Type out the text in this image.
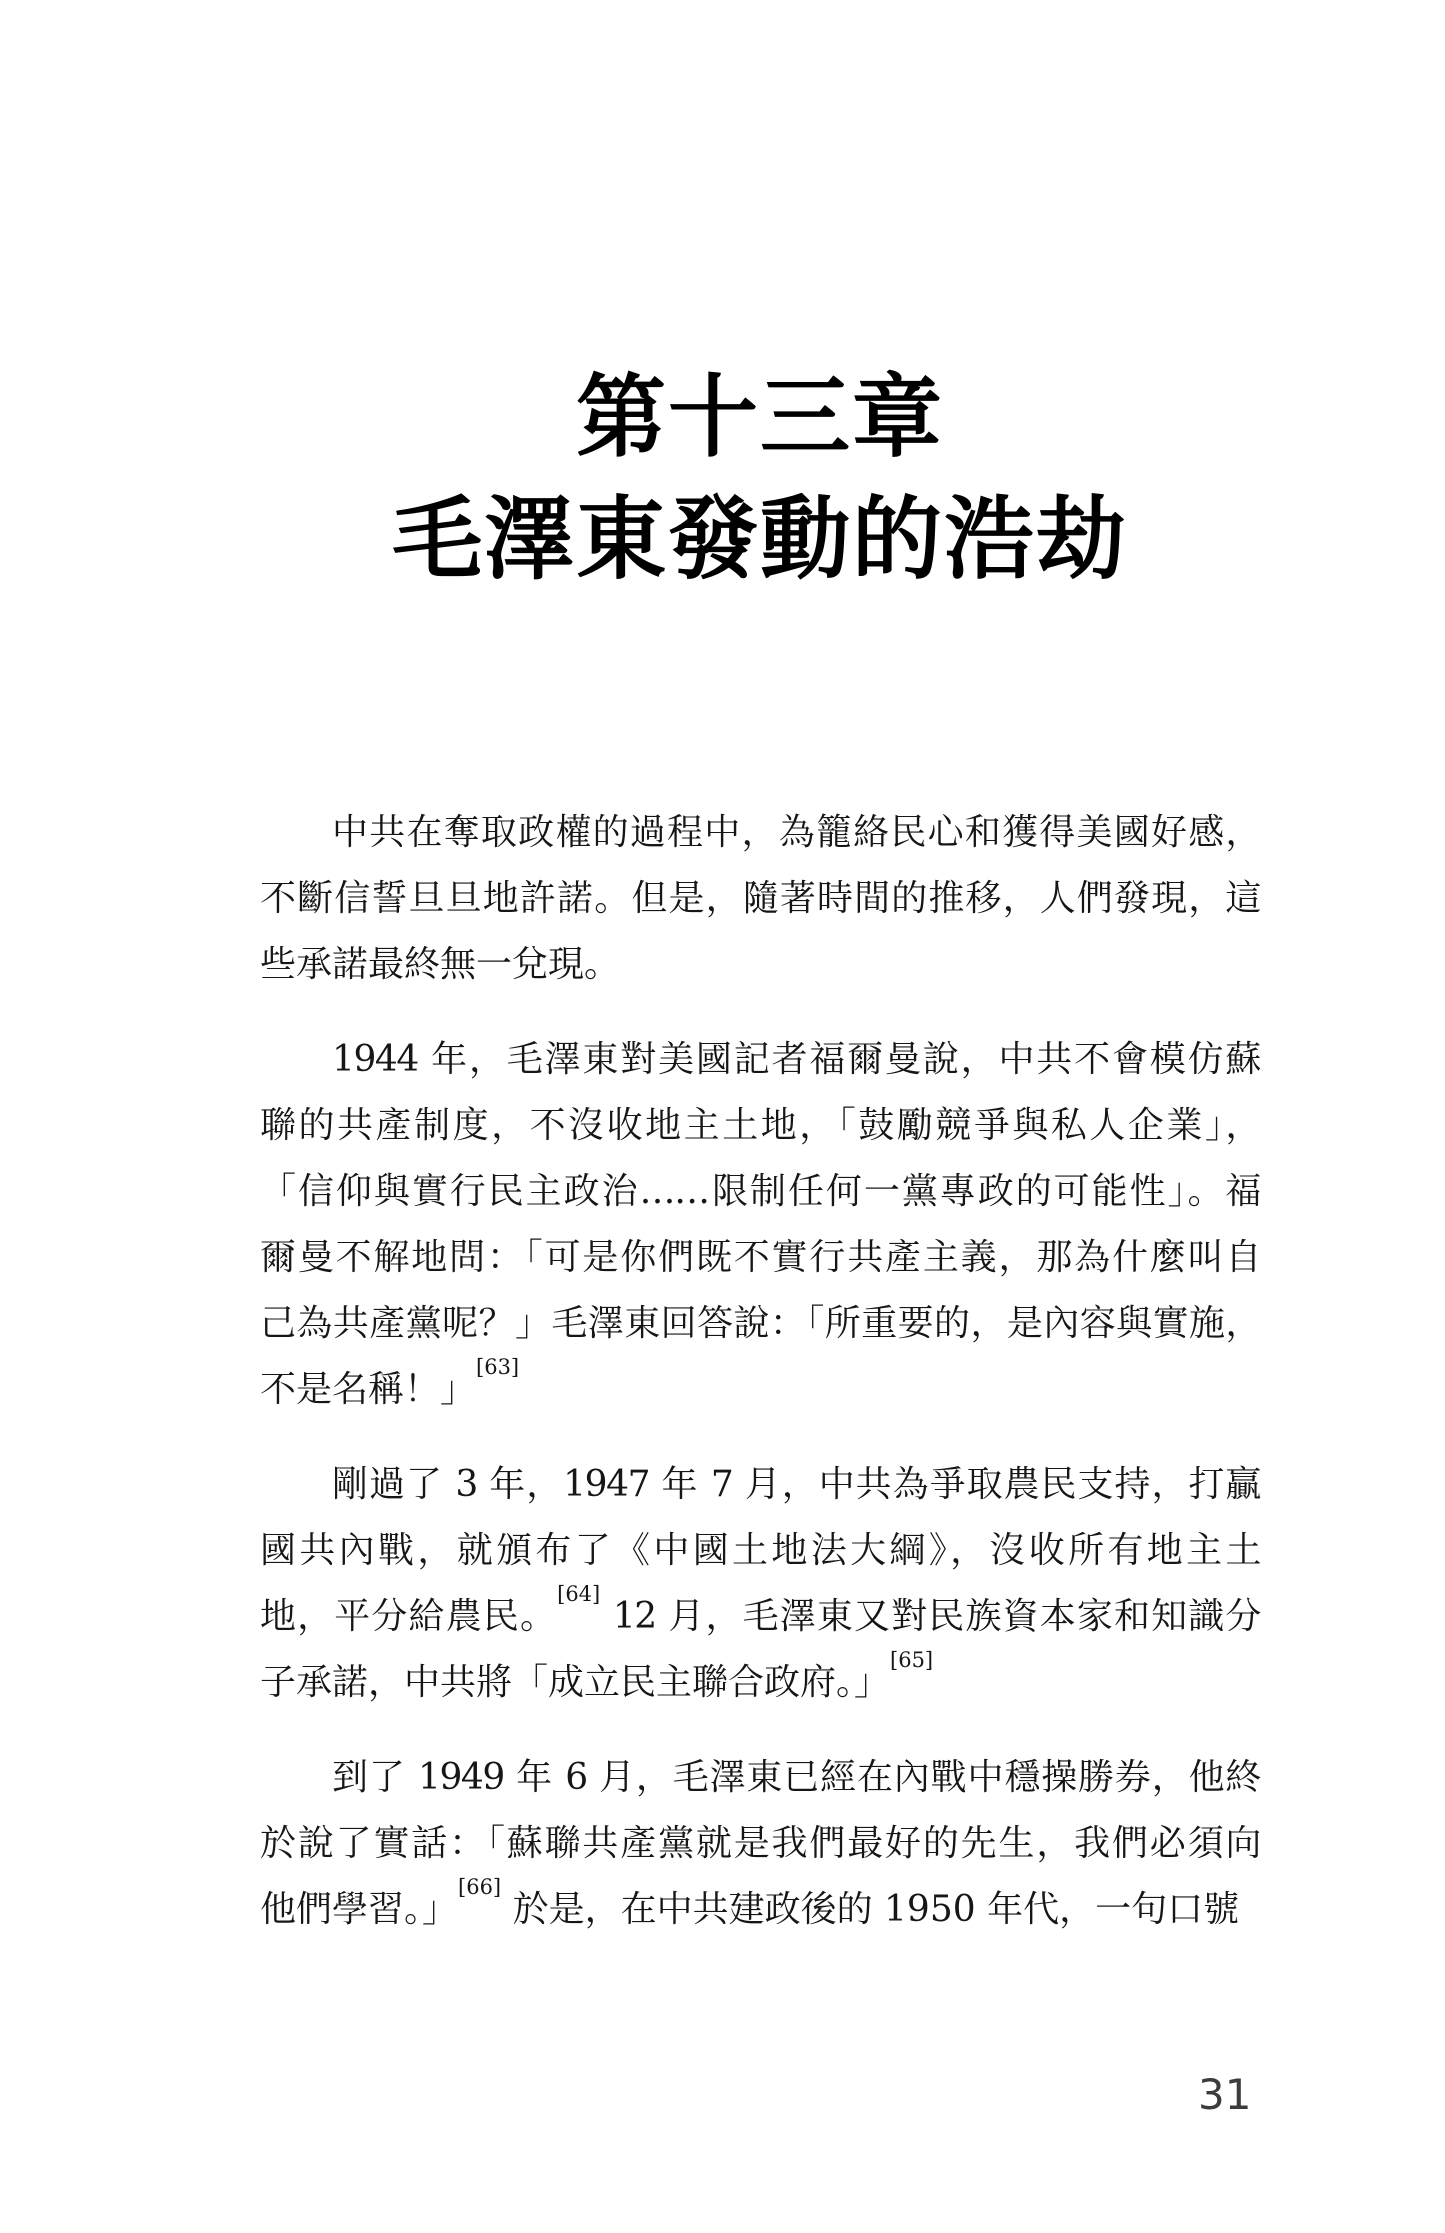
第十三章
毛澤東發動的浩劫
中共在奪取政權的過程中，為籠絡民心和獲得美國好感，
不斷信誓旦旦地許諾。但是，隨著時間的推移，人們發現，這
些承諾最終無一兌現。
1944 年，毛澤東對美國記者福爾曼說，中共不會模仿蘇
聯的共產制度，不沒收地主土地，「鼓勵競爭與私人企業」，
「信仰與實行民主政治……限制任何一黨專政的可能性」。福
爾曼不解地問：「可是你們既不實行共產主義，那為什麼叫自
己為共產黨呢？」毛澤東回答說：「所重要的，是內容與實施，
不是名稱！」[63]
剛過了 3 年，1947 年 7 月，中共為爭取農民支持，打贏
國共內戰，就頒布了《中國土地法大綱》，沒收所有地主土
地，平分給農民。[64] 12 月，毛澤東又對民族資本家和知識分
子承諾，中共將「成立民主聯合政府。」[65]
到了 1949 年 6 月，毛澤東已經在內戰中穩操勝券，他終
於說了實話：「蘇聯共產黨就是我們最好的先生，我們必須向
他們學習。」[66] 於是，在中共建政後的 1950 年代，一句口號
31
